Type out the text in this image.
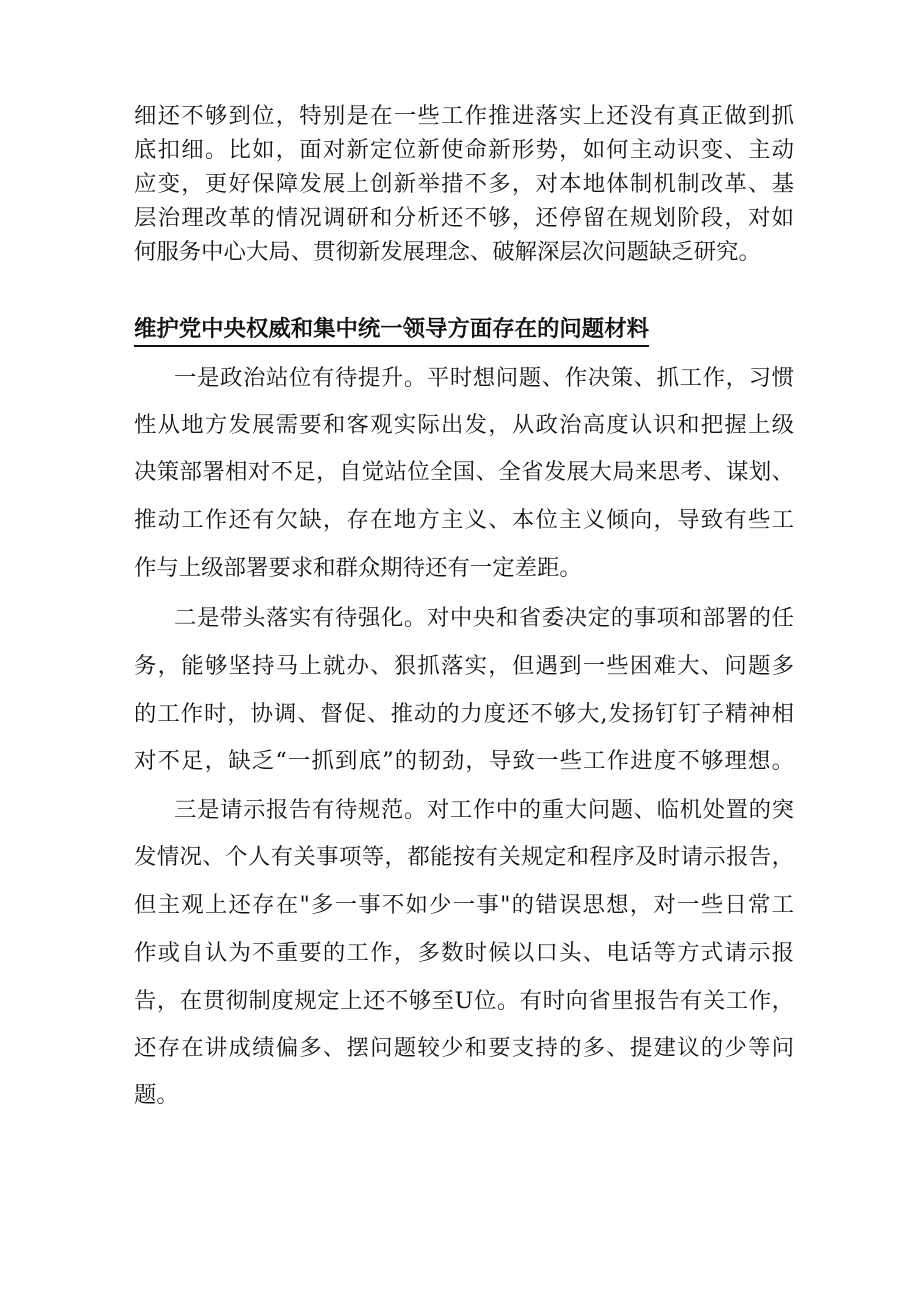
细还不够到位，特别是在一些工作推进落实上还没有真正做到抓
底扣细。比如，面对新定位新使命新形势，如何主动识变、主动
应变，更好保障发展上创新举措不多，对本地体制机制改革、基
层治理改革的情况调研和分析还不够，还停留在规划阶段，对如
何服务中心大局、贯彻新发展理念、破解深层次问题缺乏研究。
维护党中央权威和集中统一领导方面存在的问题材料
一是政治站位有待提升。平时想问题、作决策、抓工作，习惯
性从地方发展需要和客观实际出发，从政治高度认识和把握上级
决策部署相对不足，自觉站位全国、全省发展大局来思考、谋划、
推动工作还有欠缺，存在地方主义、本位主义倾向，导致有些工
作与上级部署要求和群众期待还有一定差距。
二是带头落实有待强化。对中央和省委决定的事项和部署的任
务，能够坚持马上就办、狠抓落实，但遇到一些困难大、问题多
的工作时，协调、督促、推动的力度还不够大,发扬钉钉子精神相
对不足，缺乏“一抓到底”的韧劲，导致一些工作进度不够理想。
三是请示报告有待规范。对工作中的重大问题、临机处置的突
发情况、个人有关事项等，都能按有关规定和程序及时请示报告，
但主观上还存在"多一事不如少一事"的错误思想，对一些日常工
作或自认为不重要的工作，多数时候以口头、电话等方式请示报
告，在贯彻制度规定上还不够至U位。有时向省里报告有关工作，
还存在讲成绩偏多、摆问题较少和要支持的多、提建议的少等问
题。
